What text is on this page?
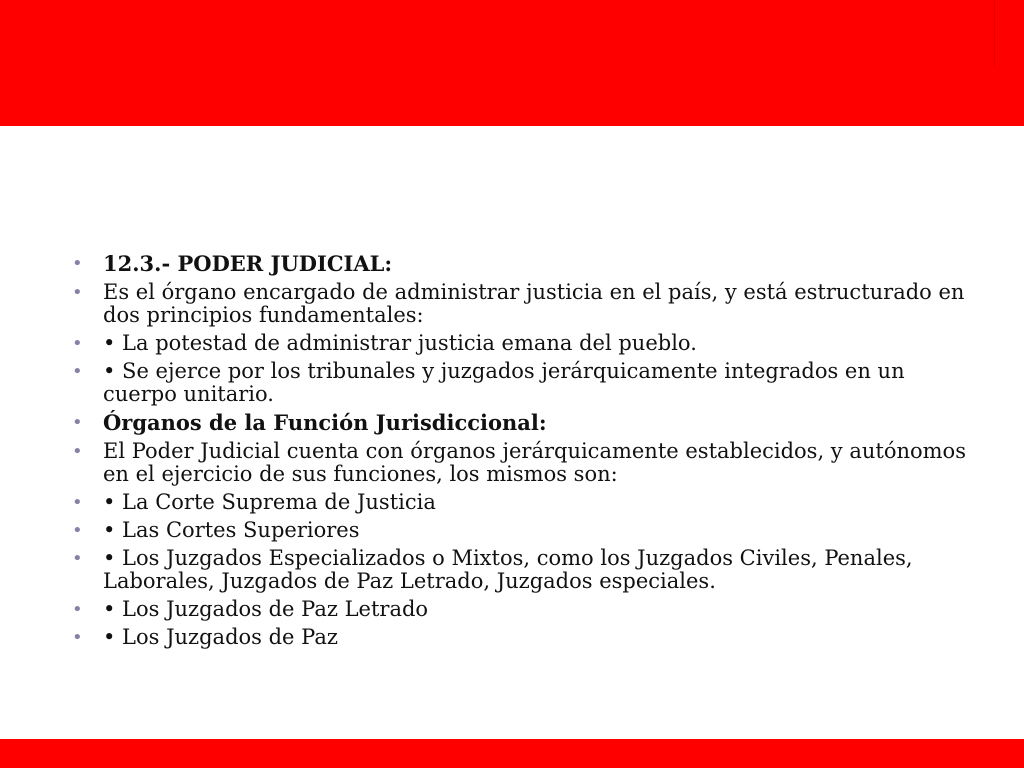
• 12.3.- PODER JUDICIAL:
• Es el órgano encargado de administrar justicia en el país, y está estructurado en dos principios fundamentales:
• • La potestad de administrar justicia emana del pueblo.
• • Se ejerce por los tribunales y juzgados jerárquicamente integrados en un cuerpo unitario.
• Órganos de la Función Jurisdiccional:
• El Poder Judicial cuenta con órganos jerárquicamente establecidos, y autónomos en el ejercicio de sus funciones, los mismos son:
• • La Corte Suprema de Justicia
• • Las Cortes Superiores
• • Los Juzgados Especializados o Mixtos, como los Juzgados Civiles, Penales, Laborales, Juzgados de Paz Letrado, Juzgados especiales.
• • Los Juzgados de Paz Letrado
• • Los Juzgados de Paz
